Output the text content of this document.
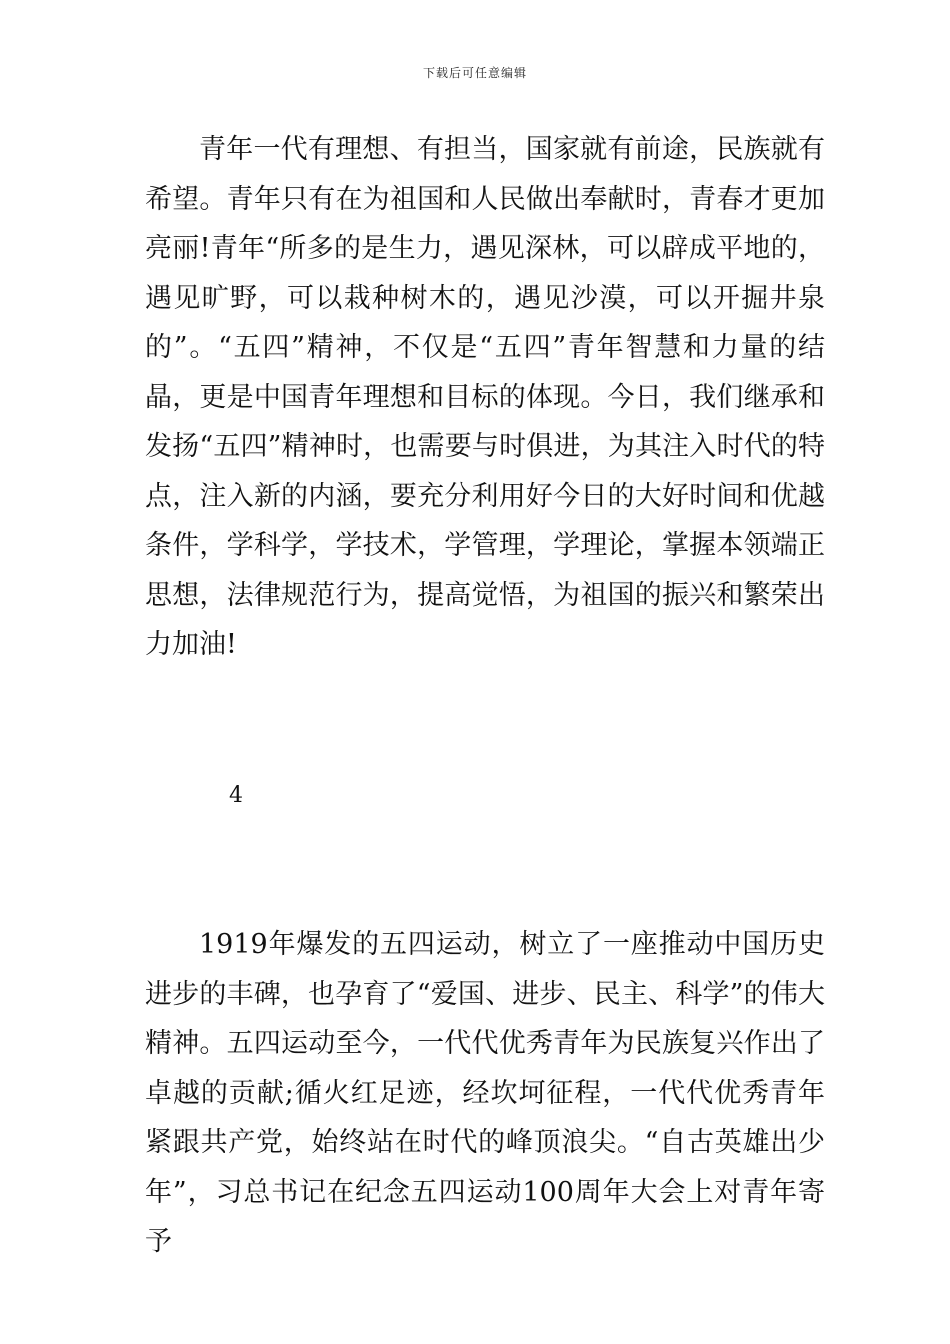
下载后可任意编辑

青年一代有理想、有担当，国家就有前途，民族就有希望。青年只有在为祖国和人民做出奉献时，青春才更加亮丽!青年“所多的是生力，遇见深林，可以辟成平地的，遇见旷野，可以栽种树木的，遇见沙漠，可以开掘井泉的”。“五四”精神，不仅是“五四”青年智慧和力量的结晶，更是中国青年理想和目标的体现。今日，我们继承和发扬“五四”精神时，也需要与时俱进，为其注入时代的特点，注入新的内涵，要充分利用好今日的大好时间和优越条件，学科学，学技术，学管理，学理论，掌握本领端正思想，法律规范行为，提高觉悟，为祖国的振兴和繁荣出力加油!

4

1919年爆发的五四运动，树立了一座推动中国历史进步的丰碑，也孕育了“爱国、进步、民主、科学”的伟大精神。五四运动至今，一代代优秀青年为民族复兴作出了卓越的贡献;循火红足迹，经坎坷征程，一代代优秀青年紧跟共产党，始终站在时代的峰顶浪尖。“自古英雄出少年”，习总书记在纪念五四运动100周年大会上对青年寄予
